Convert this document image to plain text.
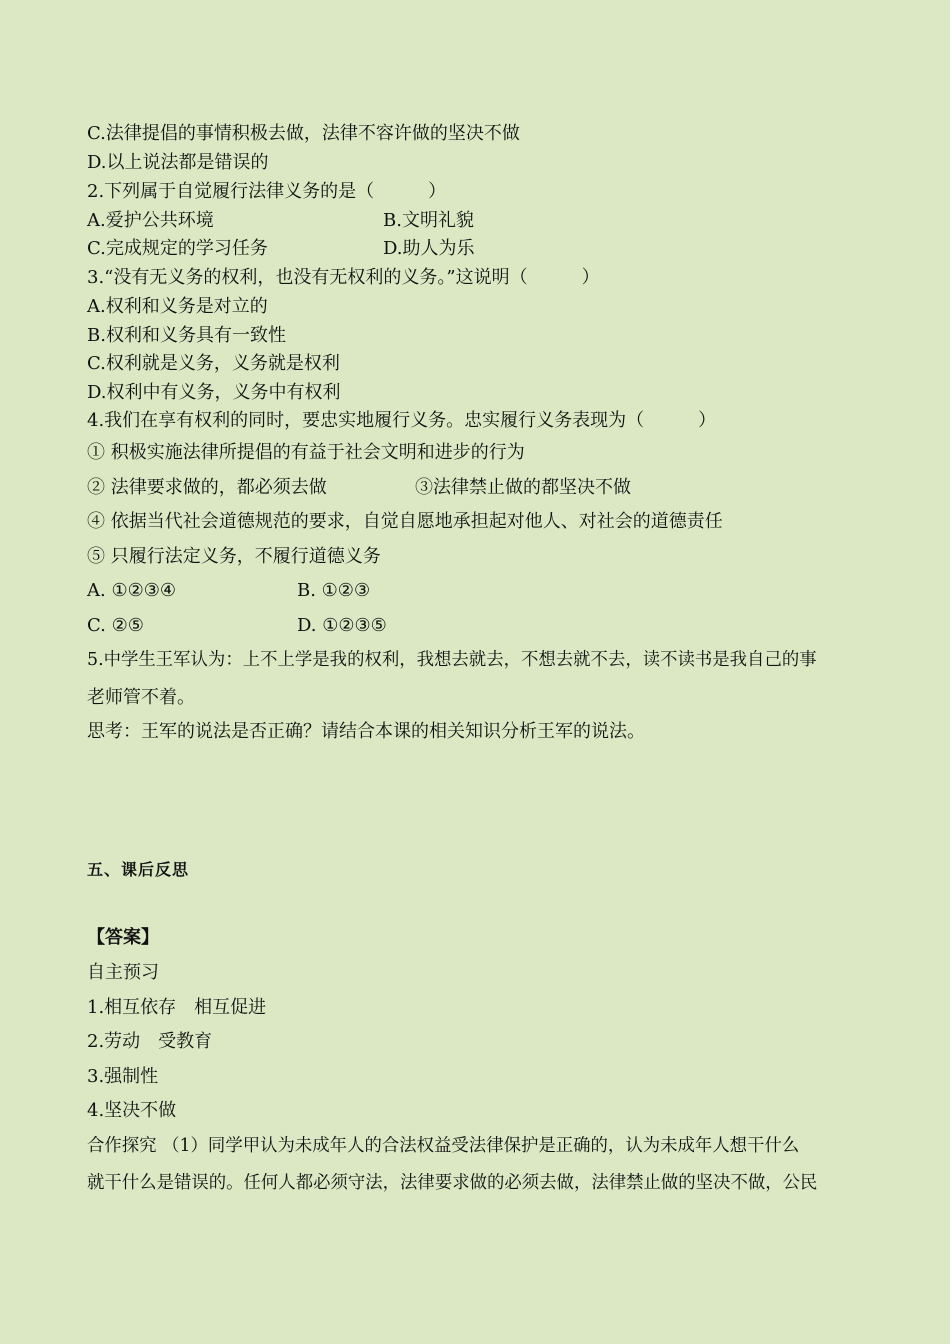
C.法律提倡的事情积极去做，法律不容许做的坚决不做
D.以上说法都是错误的
2.下列属于自觉履行法律义务的是（　　　）
A.爱护公共环境	B.文明礼貌
C.完成规定的学习任务	D.助人为乐
3.“没有无义务的权利，也没有无权利的义务。”这说明（　　　）
A.权利和义务是对立的
B.权利和义务具有一致性
C.权利就是义务，义务就是权利
D.权利中有义务，义务中有权利
4.我们在享有权利的同时，要忠实地履行义务。忠实履行义务表现为（　　　）
① 积极实施法律所提倡的有益于社会文明和进步的行为
② 法律要求做的，都必须去做	③法律禁止做的都坚决不做
④ 依据当代社会道德规范的要求，自觉自愿地承担起对他人、对社会的道德责任
⑤ 只履行法定义务，不履行道德义务
A. ①②③④	B. ①②③
C. ②⑤	D. ①②③⑤
5.中学生王军认为：上不上学是我的权利，我想去就去，不想去就不去，读不读书是我自己的事
老师管不着。
思考：王军的说法是否正确？请结合本课的相关知识分析王军的说法。
五、课后反思
【答案】
自主预习
1.相互依存　相互促进
2.劳动　受教育
3.强制性
4.坚决不做
合作探究 （1）同学甲认为未成年人的合法权益受法律保护是正确的，认为未成年人想干什么
就干什么是错误的。任何人都必须守法，法律要求做的必须去做，法律禁止做的坚决不做，公民
